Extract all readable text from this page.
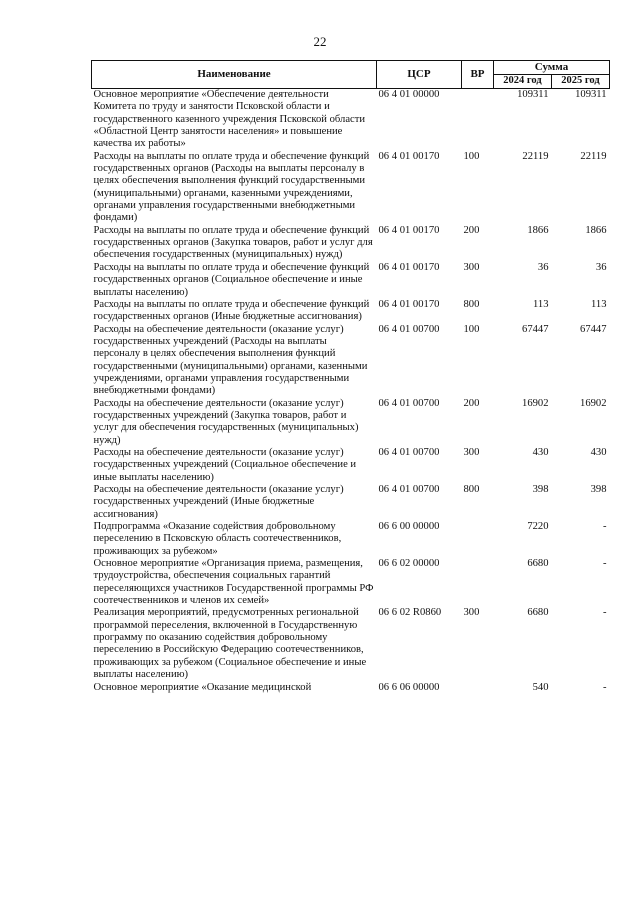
22
Наименование	ЦСР	ВР	Сумма	
			2024 год	2025 год
Основное мероприятие «Обеспечение деятельности Комитета по труду и занятости Псковской области и государственного казенного учреждения Псковской области «Областной Центр занятости населения» и повышение качества их работы»	06 4 01 00000		109311	109311
Расходы на выплаты по оплате труда и обеспечение функций государственных органов (Расходы на выплаты персоналу в целях обеспечения выполнения функций государственными (муниципальными) органами, казенными учреждениями, органами управления государственными внебюджетными фондами)	06 4 01 00170	100	22119	22119
Расходы на выплаты по оплате труда и обеспечение функций государственных органов (Закупка товаров, работ и услуг для обеспечения государственных (муниципальных) нужд)	06 4 01 00170	200	1866	1866
Расходы на выплаты по оплате труда и обеспечение функций государственных органов (Социальное обеспечение и иные выплаты населению)	06 4 01 00170	300	36	36
Расходы на выплаты по оплате труда и обеспечение функций государственных органов (Иные бюджетные ассигнования)	06 4 01 00170	800	113	113
Расходы на обеспечение деятельности (оказание услуг) государственных учреждений (Расходы на выплаты персоналу в целях обеспечения выполнения функций государственными (муниципальными) органами, казенными учреждениями, органами управления государственными внебюджетными фондами)	06 4 01 00700	100	67447	67447
Расходы на обеспечение деятельности (оказание услуг) государственных учреждений (Закупка товаров, работ и услуг для обеспечения государственных (муниципальных) нужд)	06 4 01 00700	200	16902	16902
Расходы на обеспечение деятельности (оказание услуг) государственных учреждений (Социальное обеспечение и иные выплаты населению)	06 4 01 00700	300	430	430
Расходы на обеспечение деятельности (оказание услуг) государственных учреждений (Иные бюджетные ассигнования)	06 4 01 00700	800	398	398
Подпрограмма «Оказание содействия добровольному переселению в Псковскую область соотечественников, проживающих за рубежом»	06 6 00 00000		7220	-
Основное мероприятие «Организация приема, размещения, трудоустройства, обеспечения социальных гарантий переселяющихся участников Государственной программы РФ соотечественников и членов их семей»	06 6 02 00000		6680	-
Реализация мероприятий, предусмотренных региональной программой переселения, включенной в Государственную программу по оказанию содействия добровольному переселению в Российскую Федерацию соотечественников, проживающих за рубежом (Социальное обеспечение и иные выплаты населению)	06 6 02 R0860	300	6680	-
Основное мероприятие «Оказание медицинской	06 6 06 00000		540	-
